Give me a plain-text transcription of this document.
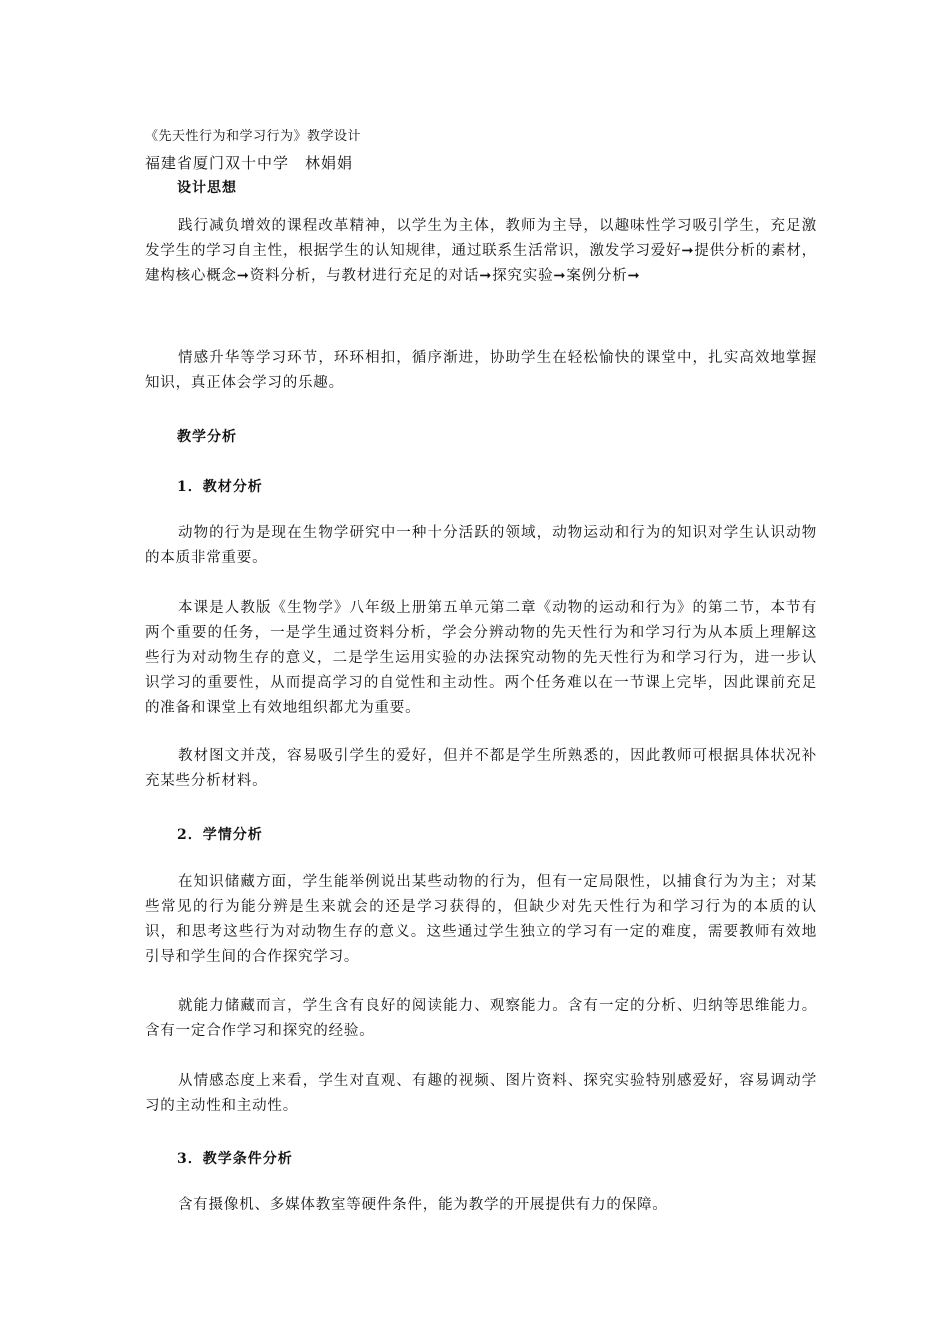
《先天性行为和学习行为》教学设计
福建省厦门双十中学　林娟娟
设计思想

践行减负增效的课程改革精神，以学生为主体，教师为主导，以趣味性学习吸引学生，充足激发学生的学习自主性，根据学生的认知规律，通过联系生活常识，激发学习爱好➞提供分析的素材，建构核心概念➞资料分析，与教材进行充足的对话➞探究实验➞案例分析➞

情感升华等学习环节，环环相扣，循序渐进，协助学生在轻松愉快的课堂中，扎实高效地掌握知识，真正体会学习的乐趣。

教学分析
1．教材分析

动物的行为是现在生物学研究中一种十分活跃的领域，动物运动和行为的知识对学生认识动物的本质非常重要。

本课是人教版《生物学》八年级上册第五单元第二章《动物的运动和行为》的第二节，本节有两个重要的任务，一是学生通过资料分析，学会分辨动物的先天性行为和学习行为从本质上理解这些行为对动物生存的意义，二是学生运用实验的办法探究动物的先天性行为和学习行为，进一步认识学习的重要性，从而提高学习的自觉性和主动性。两个任务难以在一节课上完毕，因此课前充足的准备和课堂上有效地组织都尤为重要。

教材图文并茂，容易吸引学生的爱好，但并不都是学生所熟悉的，因此教师可根据具体状况补充某些分析材料。

2．学情分析

在知识储藏方面，学生能举例说出某些动物的行为，但有一定局限性，以捕食行为为主；对某些常见的行为能分辨是生来就会的还是学习获得的，但缺少对先天性行为和学习行为的本质的认识，和思考这些行为对动物生存的意义。这些通过学生独立的学习有一定的难度，需要教师有效地引导和学生间的合作探究学习。

就能力储藏而言，学生含有良好的阅读能力、观察能力。含有一定的分析、归纳等思维能力。含有一定合作学习和探究的经验。

从情感态度上来看，学生对直观、有趣的视频、图片资料、探究实验特别感爱好，容易调动学习的主动性和主动性。

3．教学条件分析

含有摄像机、多媒体教室等硬件条件，能为教学的开展提供有力的保障。
